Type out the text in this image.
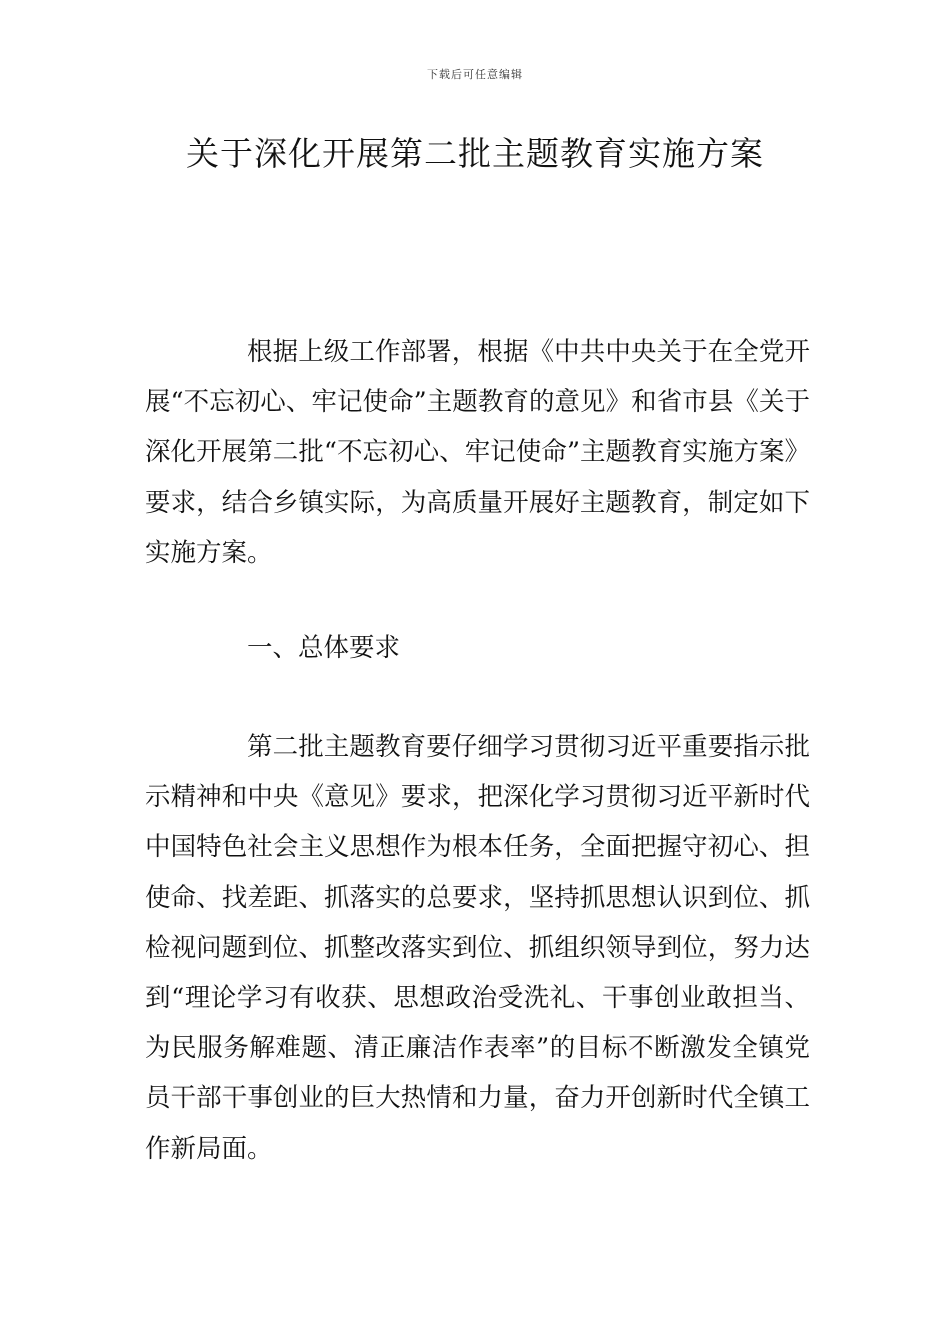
下载后可任意编辑
关于深化开展第二批主题教育实施方案

根据上级工作部署，根据《中共中央关于在全党开展“不忘初心、牢记使命”主题教育的意见》和省市县《关于深化开展第二批“不忘初心、牢记使命”主题教育实施方案》要求，结合乡镇实际，为高质量开展好主题教育，制定如下实施方案。

一、总体要求

第二批主题教育要仔细学习贯彻习近平重要指示批示精神和中央《意见》要求，把深化学习贯彻习近平新时代中国特色社会主义思想作为根本任务，全面把握守初心、担使命、找差距、抓落实的总要求，坚持抓思想认识到位、抓检视问题到位、抓整改落实到位、抓组织领导到位，努力达到“理论学习有收获、思想政治受洗礼、干事创业敢担当、为民服务解难题、清正廉洁作表率”的目标不断激发全镇党员干部干事创业的巨大热情和力量，奋力开创新时代全镇工作新局面。
